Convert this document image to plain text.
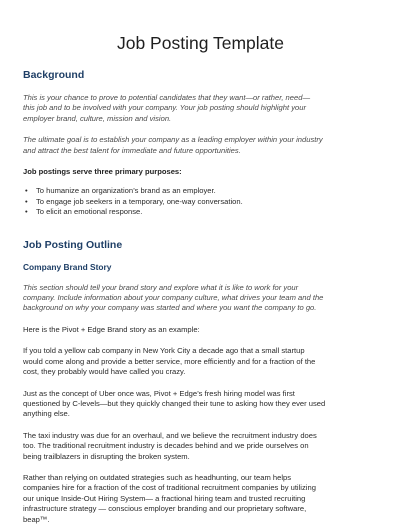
Job Posting Template
Background

This is your chance to prove to potential candidates that they want—or rather, need—
this job and to be involved with your company. Your job posting should highlight your
employer brand, culture, mission and vision.

The ultimate goal is to establish your company as a leading employer within your industry
and attract the best talent for immediate and future opportunities.

Job postings serve three primary purposes:

• To humanize an organization’s brand as an employer.
• To engage job seekers in a temporary, one-way conversation.
• To elicit an emotional response.
Job Posting Outline
Company Brand Story

This section should tell your brand story and explore what it is like to work for your
company. Include information about your company culture, what drives your team and the
background on why your company was started and where you want the company to go.

Here is the Pivot + Edge Brand story as an example:

If you told a yellow cab company in New York City a decade ago that a small startup
would come along and provide a better service, more efficiently and for a fraction of the
cost, they probably would have called you crazy.

Just as the concept of Uber once was, Pivot + Edge’s fresh hiring model was first
questioned by C-levels—but they quickly changed their tune to asking how they ever used
anything else.

The taxi industry was due for an overhaul, and we believe the recruitment industry does
too. The traditional recruitment industry is decades behind and we pride ourselves on
being trailblazers in disrupting the broken system.

Rather than relying on outdated strategies such as headhunting, our team helps
companies hire for a fraction of the cost of traditional recruitment companies by utilizing
our unique Inside-Out Hiring System— a fractional hiring team and trusted recruiting
infrastructure strategy — conscious employer branding and our proprietary software,
beap™.
